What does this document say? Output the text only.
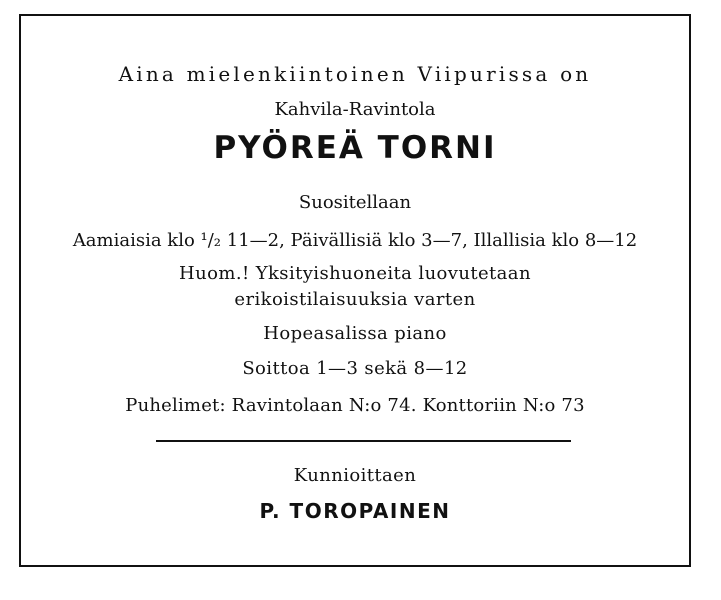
Aina mielenkiintoinen Viipurissa on
Kahvila-Ravintola
PYÖREÄ TORNI
Suositellaan
Aamiaisia klo ¹/₂ 11—2, Päivällisiä klo 3—7, Illallisia klo 8—12
Huom.! Yksityishuoneita luovutetaan
erikoistilaisuuksia varten
Hopeasalissa piano
Soittoa 1—3 sekä 8—12
Puhelimet: Ravintolaan N:o 74. Konttoriin N:o 73
Kunnioittaen
P. TOROPAINEN
